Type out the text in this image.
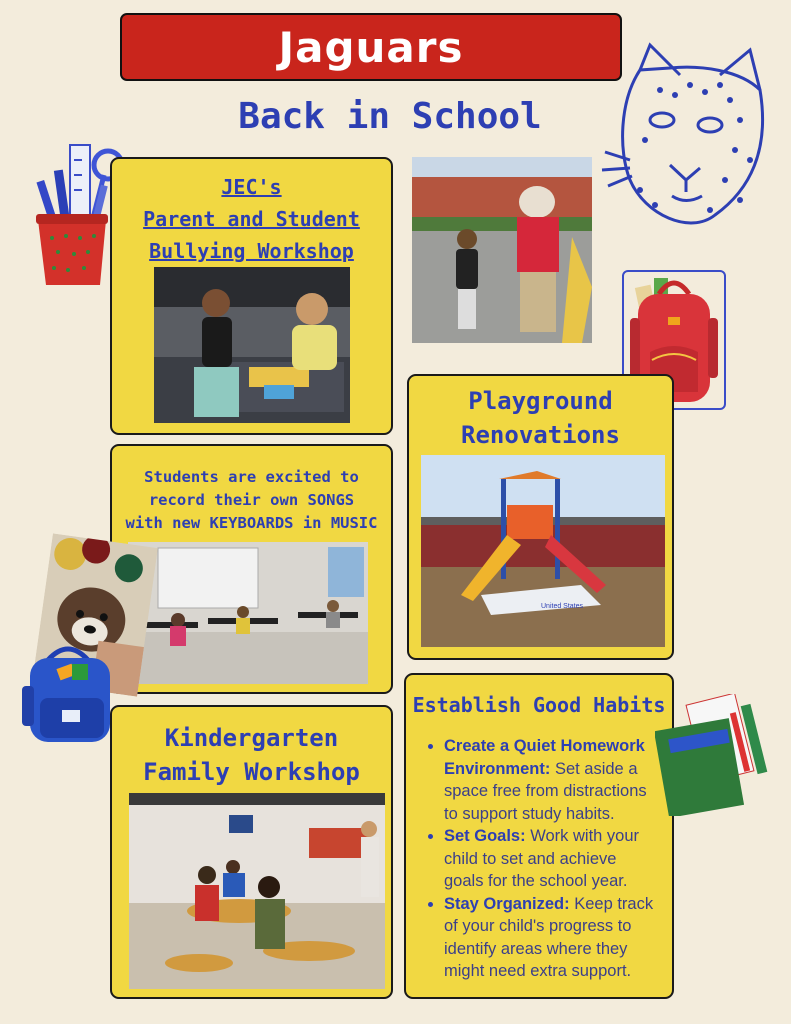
Jaguars
Back in School
JEC's
Parent and Student
Bullying Workshop
Playground
Renovations
United States
Students are excited to
record their own SONGS
with new KEYBOARDS in MUSIC
Kindergarten
Family Workshop
Establish Good Habits
• Create a Quiet Homework Environment: Set aside a space free from distractions to support study habits.
• Set Goals: Work with your child to set and achieve goals for the school year.
• Stay Organized: Keep track of your child's progress to identify areas where they might need extra support.
